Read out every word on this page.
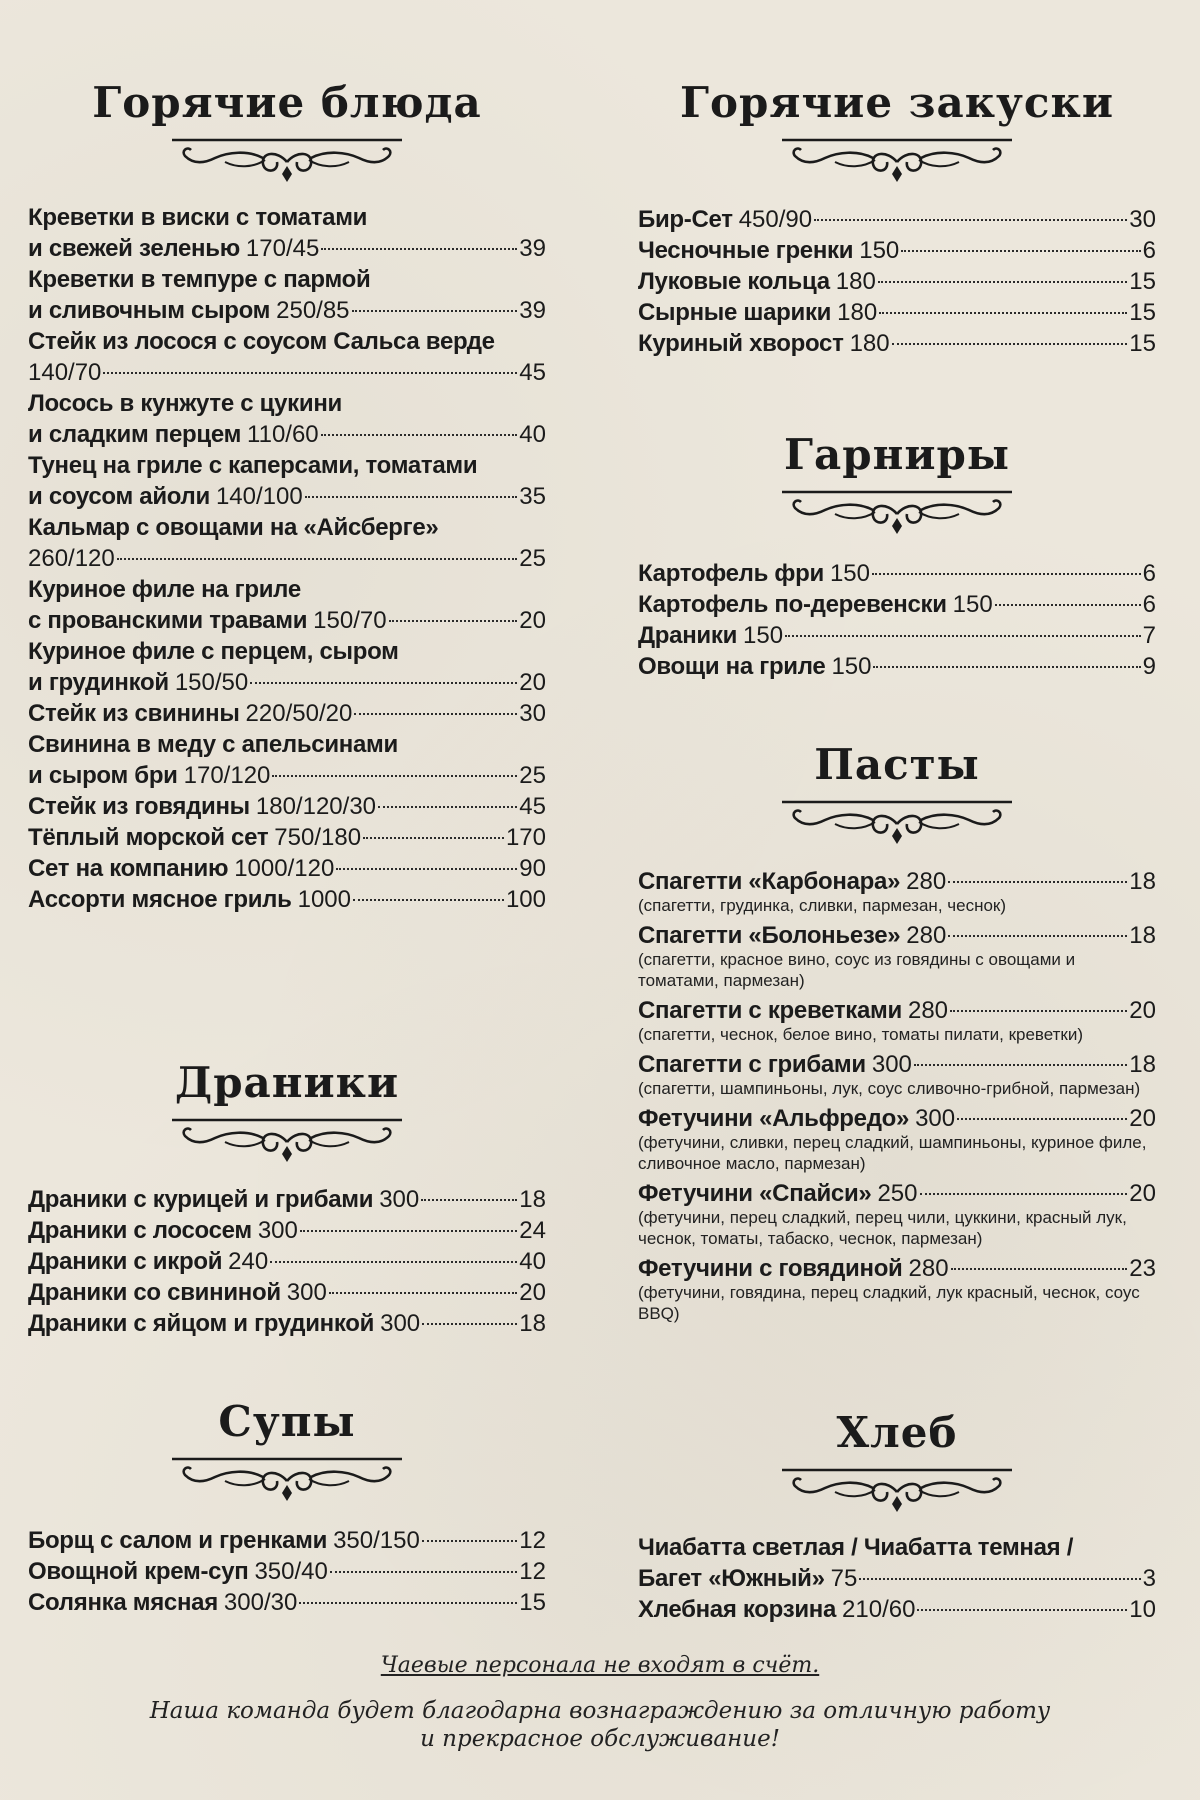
Горячие блюда
Креветки в виски с томатами
и свежей зеленью 170/45	39
Креветки в темпуре с пармой
и сливочным сыром 250/85	39
Стейк из лосося с соусом Сальса верде
140/70	45
Лосось в кунжуте с цукини
и сладким перцем 110/60	40
Тунец на гриле с каперсами, томатами
и соусом айоли 140/100	35
Кальмар с овощами на «Айсберге»
260/120	25
Куриное филе на гриле
с прованскими травами 150/70	20
Куриное филе с перцем, сыром
и грудинкой 150/50	20
Стейк из свинины 220/50/20	30
Свинина в меду с апельсинами
и сыром бри 170/120	25
Стейк из говядины 180/120/30	45
Тёплый морской сет 750/180	170
Сет на компанию 1000/120	90
Ассорти мясное гриль 1000	100
Драники
Драники с курицей и грибами 300	18
Драники с лососем 300	24
Драники с икрой 240	40
Драники со свининой 300	20
Драники с яйцом и грудинкой 300	18
Супы
Борщ с салом и гренками 350/150	12
Овощной крем-суп 350/40	12
Солянка мясная 300/30	15
Горячие закуски
Бир-Сет 450/90	30
Чесночные гренки 150	6
Луковые кольца 180	15
Сырные шарики 180	15
Куриный хворост 180	15
Гарниры
Картофель фри 150	6
Картофель по-деревенски 150	6
Драники 150	7
Овощи на гриле 150	9
Пасты
Спагетти «Карбонара» 280	18
(спагетти, грудинка, сливки, пармезан, чеснок)
Спагетти «Болоньезе» 280	18
(спагетти, красное вино, соус из говядины с овощами и томатами, пармезан)
Спагетти с креветками 280	20
(спагетти, чеснок, белое вино, томаты пилати, креветки)
Спагетти с грибами 300	18
(спагетти, шампиньоны, лук, соус сливочно-грибной, пармезан)
Фетучини «Альфредо» 300	20
(фетучини, сливки, перец сладкий, шампиньоны, куриное филе, сливочное масло, пармезан)
Фетучини «Спайси» 250	20
(фетучини, перец сладкий, перец чили, цуккини, красный лук, чеснок, томаты, табаско, чеснок, пармезан)
Фетучини с говядиной 280	23
(фетучини, говядина, перец сладкий, лук красный, чеснок, соус BBQ)
Хлеб
Чиабатта светлая / Чиабатта темная /
Багет «Южный» 75	3
Хлебная корзина 210/60	10
Чаевые персонала не входят в счёт.
Наша команда будет благодарна вознаграждению за отличную работу
и прекрасное обслуживание!
